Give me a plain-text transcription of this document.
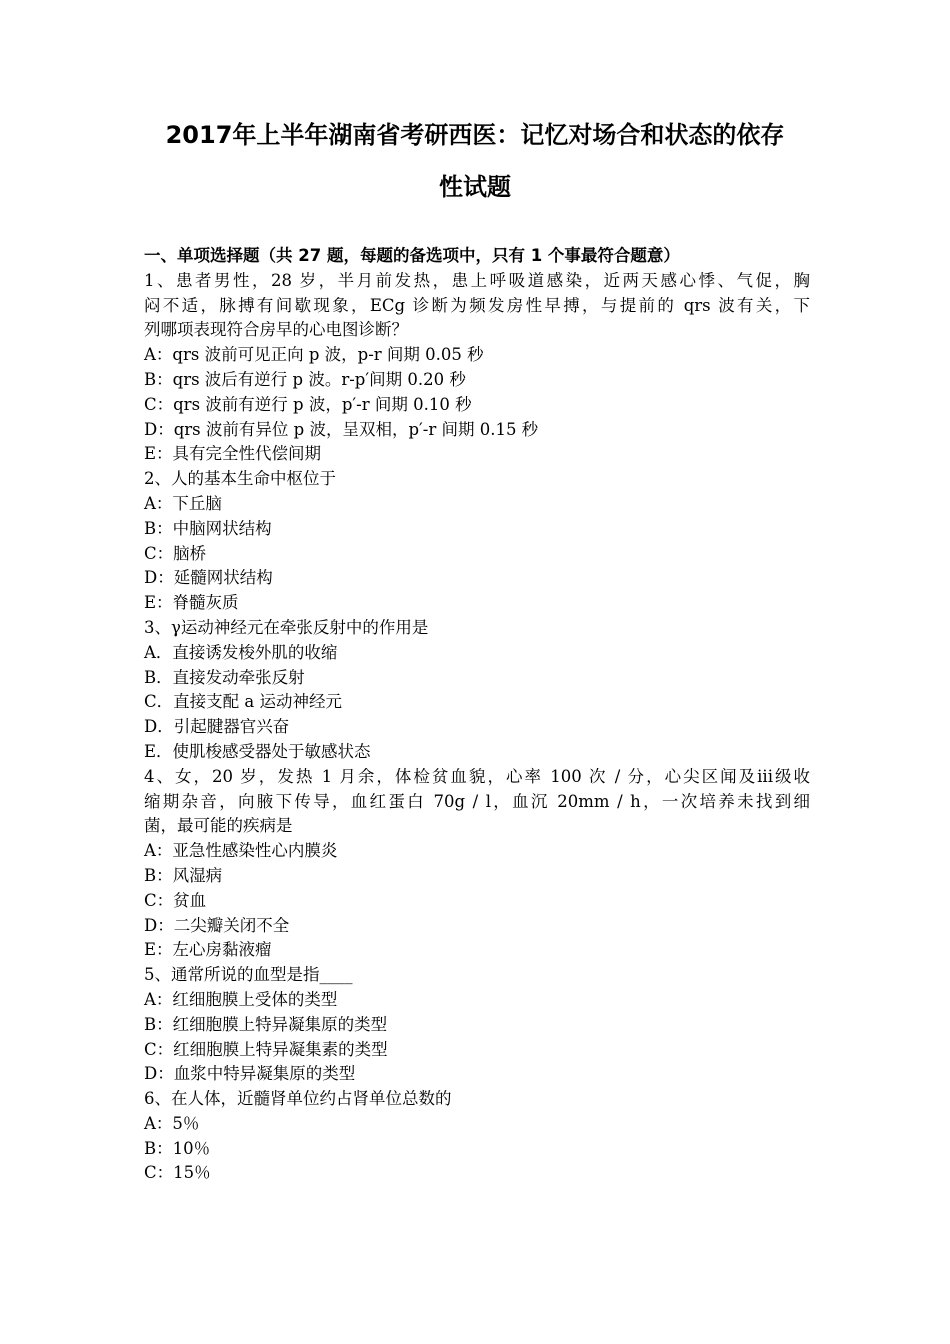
2017年上半年湖南省考研西医：记忆对场合和状态的依存
性试题
一、单项选择题（共 27 题，每题的备选项中，只有 1 个事最符合题意）
1、患者男性，28 岁，半月前发热，患上呼吸道感染，近两天感心悸、气促，胸
闷不适，脉搏有间歇现象，ECg 诊断为频发房性早搏，与提前的 qrs 波有关，下
列哪项表现符合房早的心电图诊断？
A：qrs 波前可见正向 p 波，p-r 间期 0.05 秒
B：qrs 波后有逆行 p 波。r-p′间期 0.20 秒
C：qrs 波前有逆行 p 波，p′-r 间期 0.10 秒
D：qrs 波前有异位 p 波，呈双相，p′-r 间期 0.15 秒
E：具有完全性代偿间期
2、人的基本生命中枢位于
A：下丘脑
B：中脑网状结构
C：脑桥
D：延髓网状结构
E：脊髓灰质
3、γ运动神经元在牵张反射中的作用是
A．直接诱发梭外肌的收缩
B．直接发动牵张反射
C．直接支配 a 运动神经元
D．引起腱器官兴奋
E．使肌梭感受器处于敏感状态
4、女，20 岁，发热 1 月余，体检贫血貌，心率 100 次 / 分，心尖区闻及iii级收
缩期杂音，向腋下传导，血红蛋白 70g / l，血沉 20mm / h，一次培养未找到细
菌，最可能的疾病是
A：亚急性感染性心内膜炎
B：风湿病
C：贫血
D：二尖瓣关闭不全
E：左心房黏液瘤
5、通常所说的血型是指____
A：红细胞膜上受体的类型
B：红细胞膜上特异凝集原的类型
C：红细胞膜上特异凝集素的类型
D：血浆中特异凝集原的类型
6、在人体，近髓肾单位约占肾单位总数的
A：5％
B：10％
C：15％
